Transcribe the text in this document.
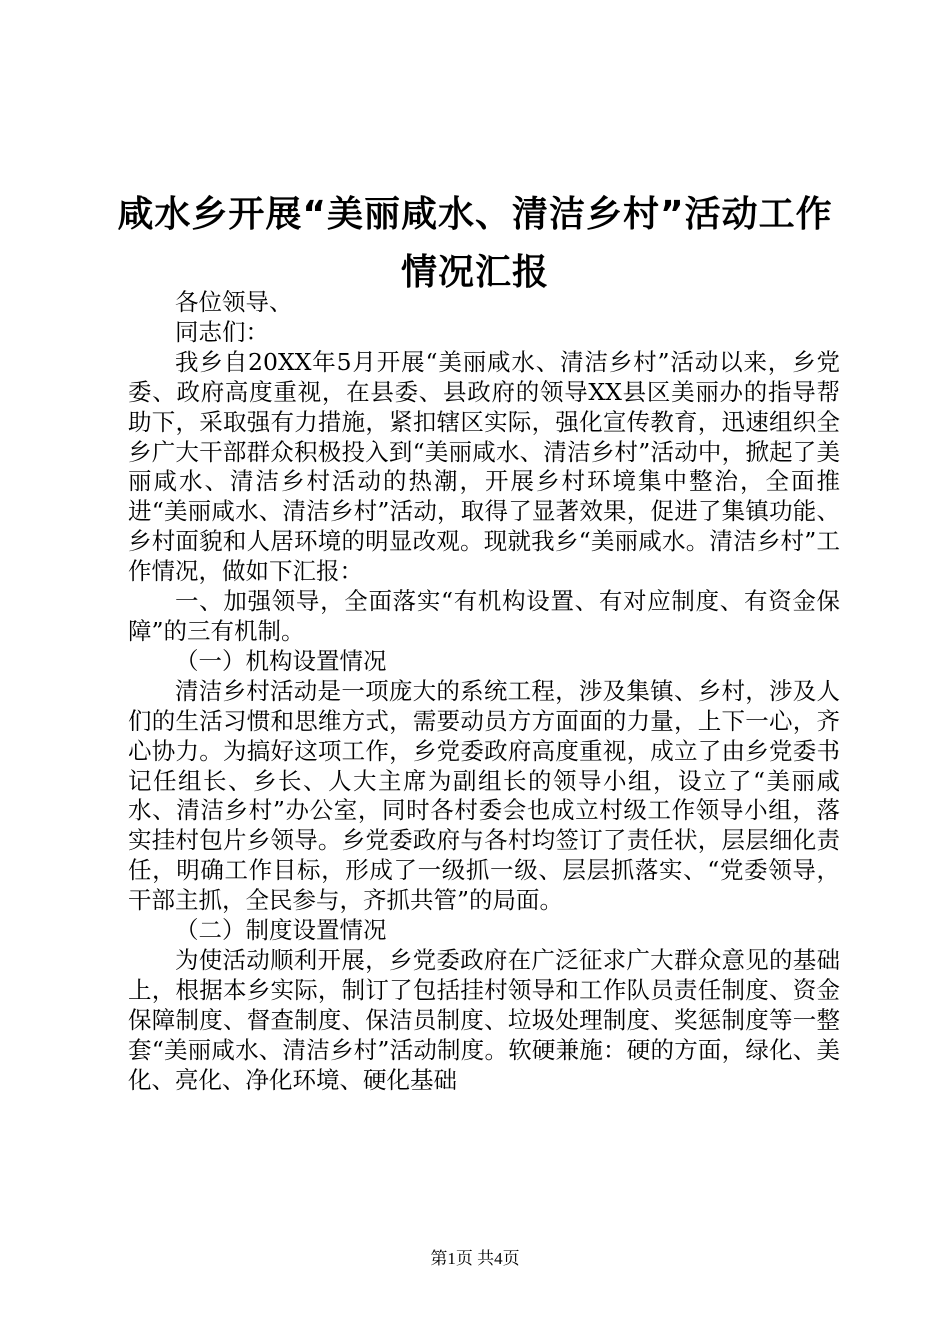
咸水乡开展“美丽咸水、清洁乡村”活动工作
情况汇报

各位领导、

同志们：

我乡自20XX年5月开展“美丽咸水、清洁乡村”活动以来，乡党委、政府高度重视，在县委、县政府的领导XX县区美丽办的指导帮助下，采取强有力措施，紧扣辖区实际，强化宣传教育，迅速组织全乡广大干部群众积极投入到“美丽咸水、清洁乡村”活动中，掀起了美丽咸水、清洁乡村活动的热潮，开展乡村环境集中整治，全面推进“美丽咸水、清洁乡村”活动，取得了显著效果，促进了集镇功能、乡村面貌和人居环境的明显改观。现就我乡“美丽咸水。清洁乡村”工作情况，做如下汇报：

一、加强领导，全面落实“有机构设置、有对应制度、有资金保障”的三有机制。

（一）机构设置情况

清洁乡村活动是一项庞大的系统工程，涉及集镇、乡村，涉及人们的生活习惯和思维方式，需要动员方方面面的力量，上下一心，齐心协力。为搞好这项工作，乡党委政府高度重视，成立了由乡党委书记任组长、乡长、人大主席为副组长的领导小组，设立了“美丽咸水、清洁乡村”办公室，同时各村委会也成立村级工作领导小组，落实挂村包片乡领导。乡党委政府与各村均签订了责任状，层层细化责任，明确工作目标，形成了一级抓一级、层层抓落实、“党委领导，干部主抓，全民参与，齐抓共管”的局面。

（二）制度设置情况

为使活动顺利开展，乡党委政府在广泛征求广大群众意见的基础上，根据本乡实际，制订了包括挂村领导和工作队员责任制度、资金保障制度、督查制度、保洁员制度、垃圾处理制度、奖惩制度等一整套“美丽咸水、清洁乡村”活动制度。软硬兼施：硬的方面，绿化、美化、亮化、净化环境、硬化基础

第1页 共4页
